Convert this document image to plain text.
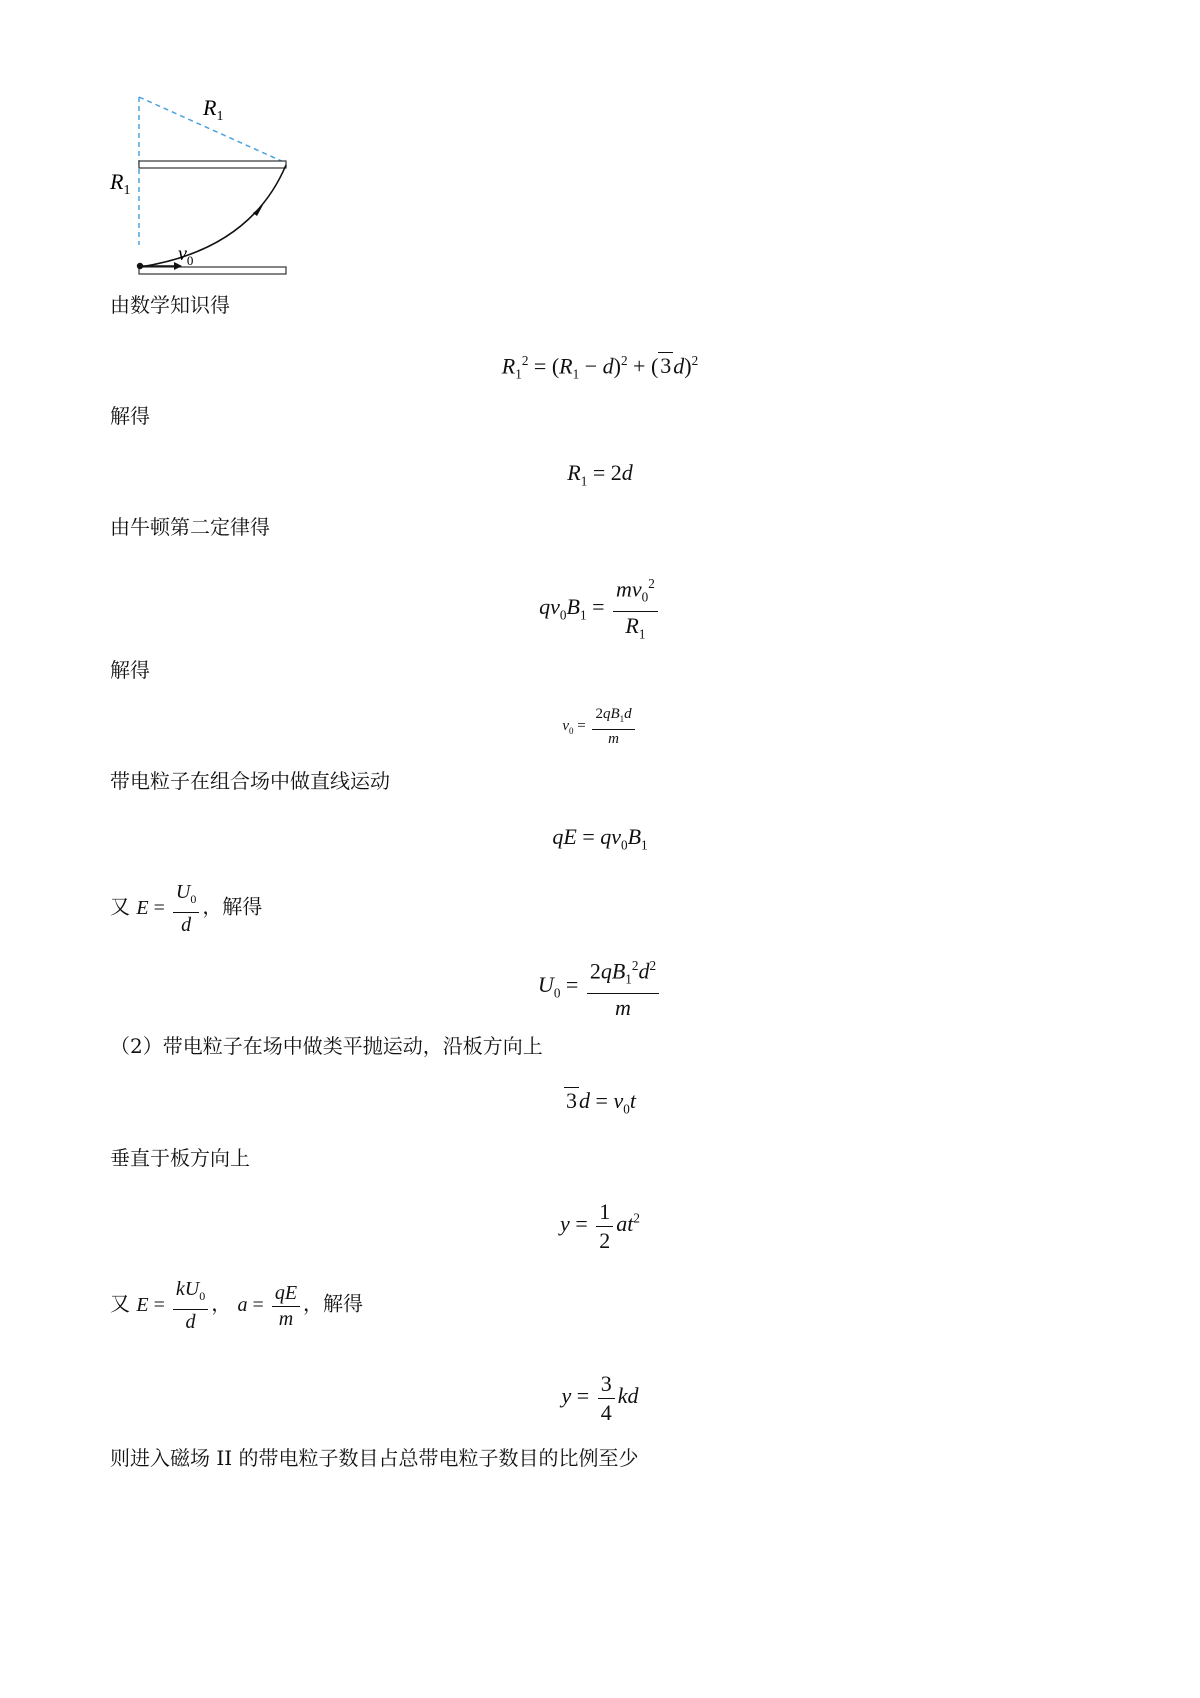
$R_1$
$R_1$
$v_0$
由数学知识得
$R_1^2 = (R_1 - d)^2 + (3d)^2$
解得
$R_1 = 2d$
由牛顿第二定律得
$qv_0B_1 = \frac{mv_0^2}{R_1}$
解得
$v_0 = \frac{2qB_1d}{m}$
带电粒子在组合场中做直线运动
qE = $qv_0B_1$
又 $E = \frac{U_0}{d}$ ，解得
$U_0 = \frac{2qB_1^2d^2}{m}$
（2）带电粒子在场中做类平抛运动，沿板方向上
$3d = v_0t$
垂直于板方向上
$y = \frac{1}{2} at^2$
又 $E = \frac{kU_0}{d}$ ， $a = \frac{qE}{m}$ ，解得
$y = \frac{3}{4}$ kd
则进入磁场 II 的带电粒子数目占总带电粒子数目的比例至少
